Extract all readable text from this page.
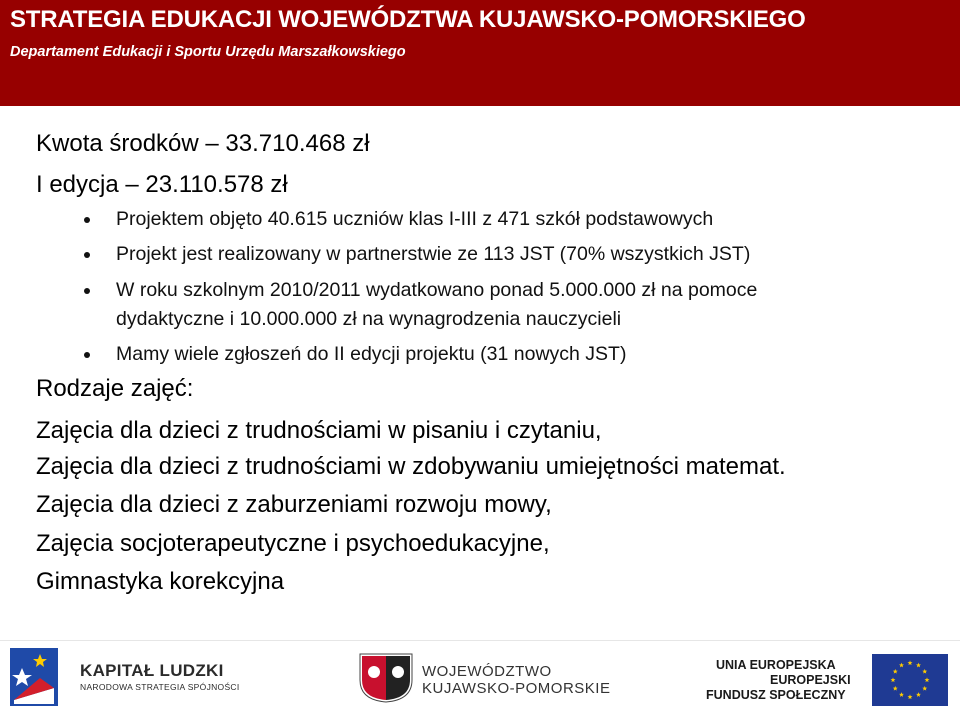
STRATEGIA EDUKACJI WOJEWÓDZTWA KUJAWSKO-POMORSKIEGO
Departament Edukacji i Sportu Urzędu Marszałkowskiego
Kwota środków – 33.710.468 zł
I edycja – 23.110.578 zł
Projektem objęto 40.615 uczniów klas I-III z 471 szkół podstawowych
Projekt jest realizowany w partnerstwie ze 113 JST (70% wszystkich JST)
W roku szkolnym 2010/2011 wydatkowano ponad 5.000.000 zł na pomoce
dydaktyczne i 10.000.000 zł na wynagrodzenia nauczycieli
Mamy wiele zgłoszeń do II edycji projektu (31 nowych JST)
Rodzaje zajęć:
Zajęcia dla dzieci z trudnościami w pisaniu i czytaniu,
Zajęcia dla dzieci z trudnościami w zdobywaniu umiejętności matemat.
Zajęcia dla dzieci z zaburzeniami rozwoju mowy,
Zajęcia socjoterapeutyczne i psychoedukacyjne,
Gimnastyka korekcyjna
KAPITAŁ LUDZKI
NARODOWA STRATEGIA SPÓJNOŚCI
WOJEWÓDZTWO
KUJAWSKO-POMORSKIE
UNIA EUROPEJSKA
EUROPEJSKI
FUNDUSZ SPOŁECZNY
